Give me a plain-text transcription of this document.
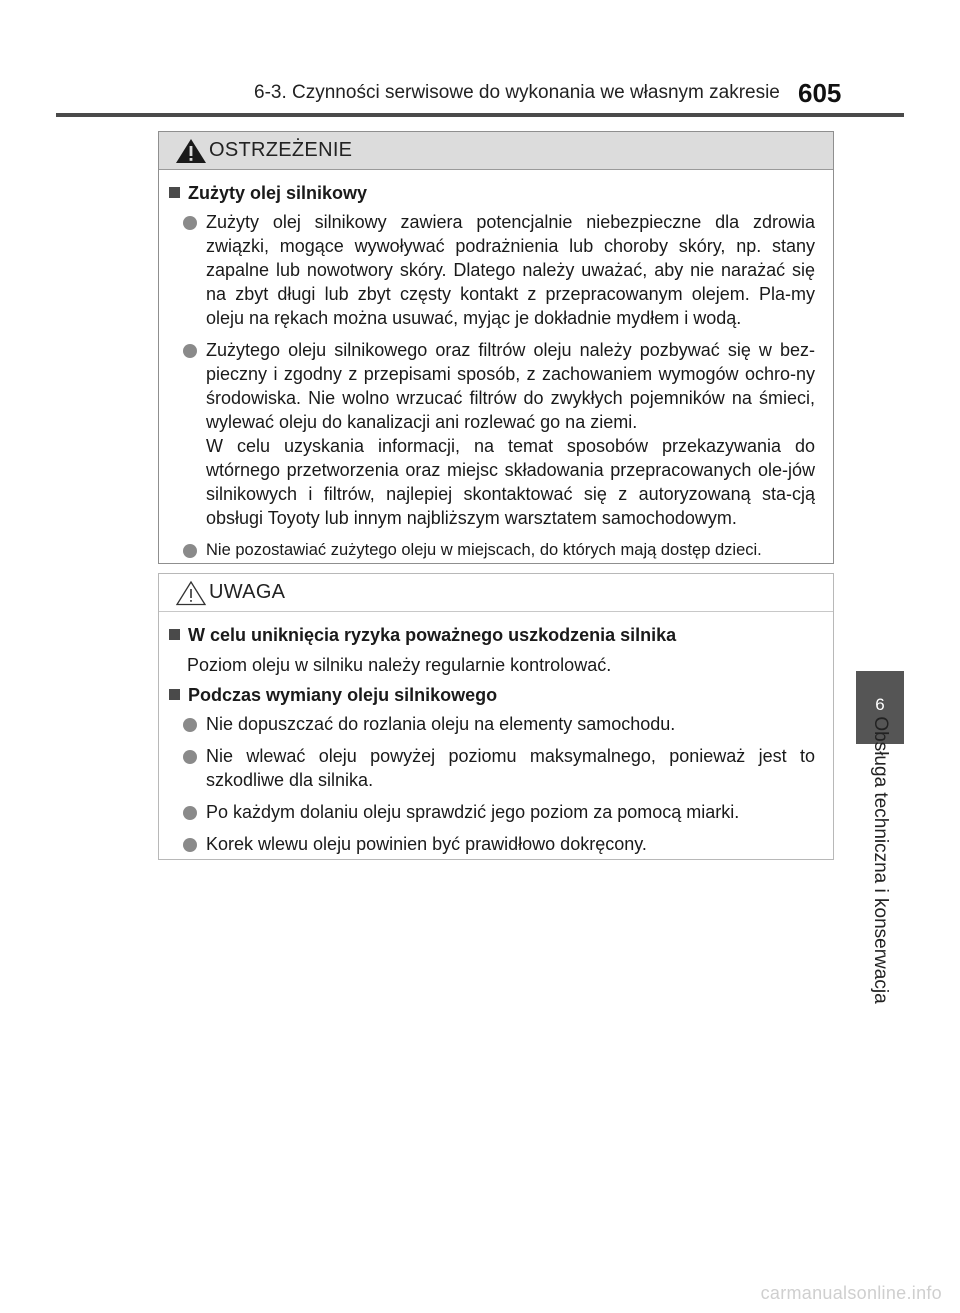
6-3. Czynności serwisowe do wykonania we własnym zakresie 605
OSTRZEŻENIE
Zużyty olej silnikowy
Zużyty olej silnikowy zawiera potencjalnie niebezpieczne dla zdrowia związki, mogące wywoływać podrażnienia lub choroby skóry, np. stany zapalne lub nowotwory skóry. Dlatego należy uważać, aby nie narażać się na zbyt długi lub zbyt częsty kontakt z przepracowanym olejem. Pla-my oleju na rękach można usuwać, myjąc je dokładnie mydłem i wodą.
Zużytego oleju silnikowego oraz filtrów oleju należy pozbywać się w bez-pieczny i zgodny z przepisami sposób, z zachowaniem wymogów ochro-ny środowiska. Nie wolno wrzucać filtrów do zwykłych pojemników na śmieci, wylewać oleju do kanalizacji ani rozlewać go na ziemi.
W celu uzyskania informacji, na temat sposobów przekazywania do wtórnego przetworzenia oraz miejsc składowania przepracowanych ole-jów silnikowych i filtrów, najlepiej skontaktować się z autoryzowaną sta-cją obsługi Toyoty lub innym najbliższym warsztatem samochodowym.
Nie pozostawiać zużytego oleju w miejscach, do których mają dostęp dzieci.
UWAGA
W celu uniknięcia ryzyka poważnego uszkodzenia silnika
Poziom oleju w silniku należy regularnie kontrolować.
Podczas wymiany oleju silnikowego
Nie dopuszczać do rozlania oleju na elementy samochodu.
Nie wlewać oleju powyżej poziomu maksymalnego, ponieważ jest to szkodliwe dla silnika.
Po każdym dolaniu oleju sprawdzić jego poziom za pomocą miarki.
Korek wlewu oleju powinien być prawidłowo dokręcony.
6
Obsługa techniczna i konserwacja
carmanualsonline.info
